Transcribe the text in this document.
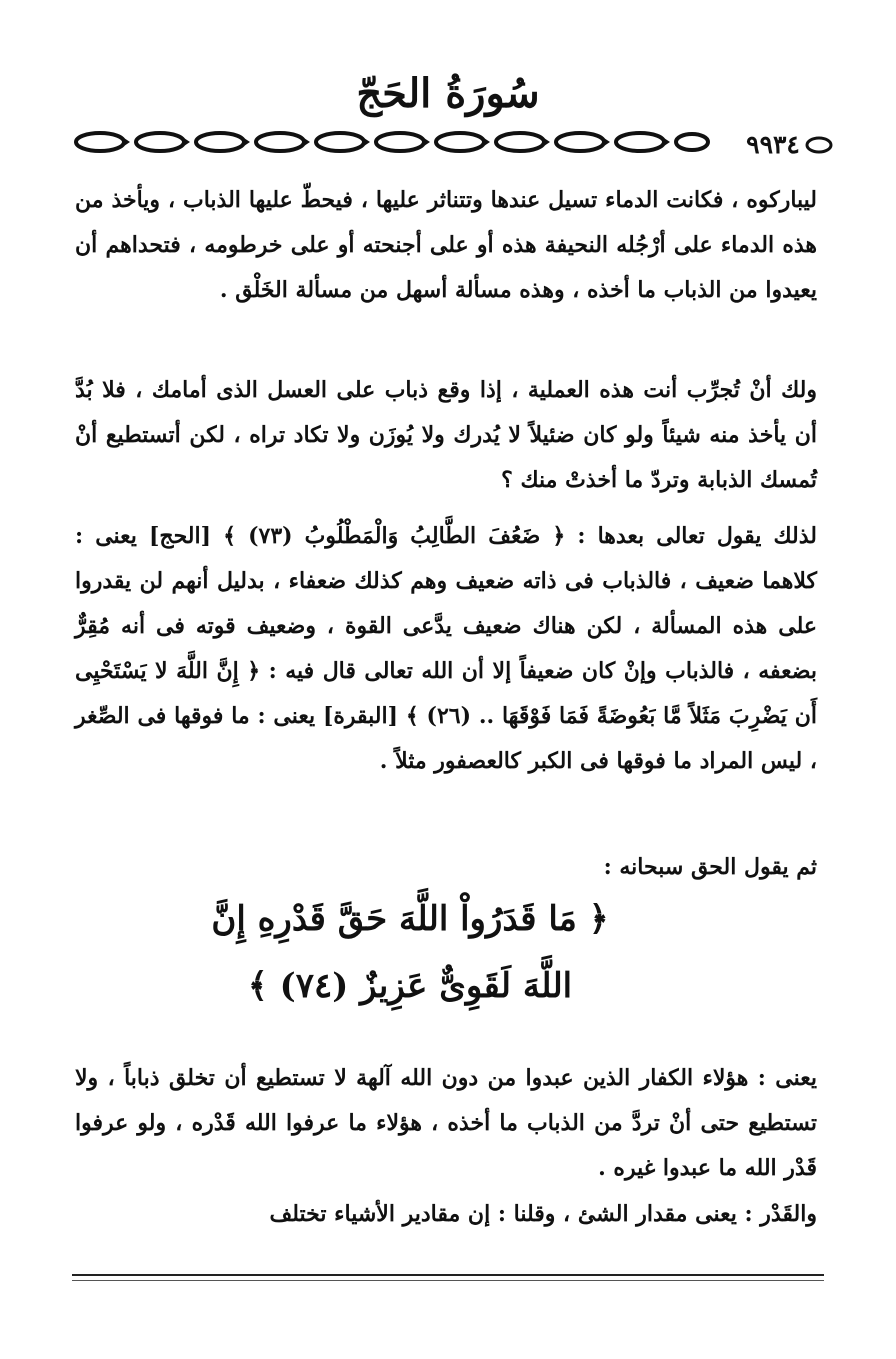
سُورَةُ الحَجّ
٩٩٣٤

ليباركوه ، فكانت الدماء تسيل عندها وتتناثر عليها ، فيحطّ عليها الذباب ، ويأخذ من هذه الدماء على أرْجُله النحيفة هذه أو على أجنحته أو على خرطومه ، فتحداهم أن يعيدوا من الذباب ما أخذه ، وهذه مسألة أسهل من مسألة الخَلْق .

ولك أنْ تُجرِّب أنت هذه العملية ، إذا وقع ذباب على العسل الذى أمامك ، فلا بُدَّ أن يأخذ منه شيئاً ولو كان ضئيلاً لا يُدرك ولا يُوزَن ولا تكاد تراه ، لكن أتستطيع أنْ تُمسك الذبابة وتردّ ما أخذتْ منك ؟

لذلك يقول تعالى بعدها : ﴿ ضَعُفَ الطَّالِبُ وَالْمَطْلُوبُ (٧٣) ﴾ [الحج] يعنى : كلاهما ضعيف ، فالذباب فى ذاته ضعيف وهم كذلك ضعفاء ، بدليل أنهم لن يقدروا على هذه المسألة ، لكن هناك ضعيف يدَّعى القوة ، وضعيف قوته فى أنه مُقِرٌّ بضعفه ، فالذباب وإنْ كان ضعيفاً إلا أن الله تعالى قال فيه : ﴿ إِنَّ اللَّهَ لا يَسْتَحْيِى أَن يَضْرِبَ مَثَلاً مَّا بَعُوضَةً فَمَا فَوْقَهَا .. (٢٦) ﴾ [البقرة] يعنى : ما فوقها فى الصِّغر ، ليس المراد ما فوقها فى الكبر كالعصفور مثلاً .

ثم يقول الحق سبحانه :

﴿ مَا قَدَرُواْ اللَّهَ حَقَّ قَدْرِهِ إِنَّ
اللَّهَ لَقَوِىٌّ عَزِيزٌ (٧٤) ﴾

يعنى : هؤلاء الكفار الذين عبدوا من دون الله آلهة لا تستطيع أن تخلق ذباباً ، ولا تستطيع حتى أنْ تردَّ من الذباب ما أخذه ، هؤلاء ما عرفوا الله قَدْره ، ولو عرفوا قَدْر الله ما عبدوا غيره .

والقَدْر : يعنى مقدار الشئ ، وقلنا : إن مقادير الأشياء تختلف
